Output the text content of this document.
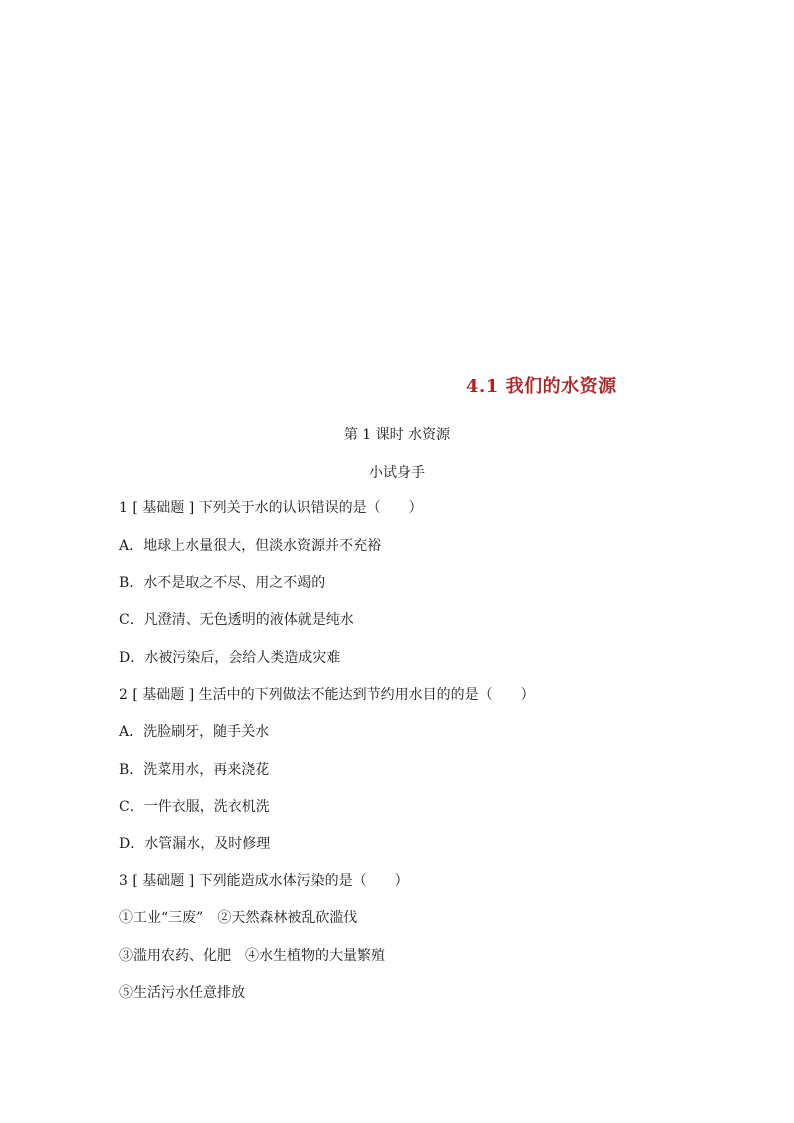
4.1 我们的水资源
第 1 课时 水资源
小试身手
1 [ 基础题 ] 下列关于水的认识错误的是（　　）
A．地球上水量很大，但淡水资源并不充裕
B．水不是取之不尽、用之不竭的
C．凡澄清、无色透明的液体就是纯水
D．水被污染后，会给人类造成灾难
2 [ 基础题 ] 生活中的下列做法不能达到节约用水目的的是（　　）
A．洗脸刷牙，随手关水
B．洗菜用水，再来浇花
C．一件衣服，洗衣机洗
D．水管漏水，及时修理
3 [ 基础题 ] 下列能造成水体污染的是（　　）
①工业“三废”　②天然森林被乱砍滥伐
③滥用农药、化肥　④水生植物的大量繁殖
⑤生活污水任意排放
